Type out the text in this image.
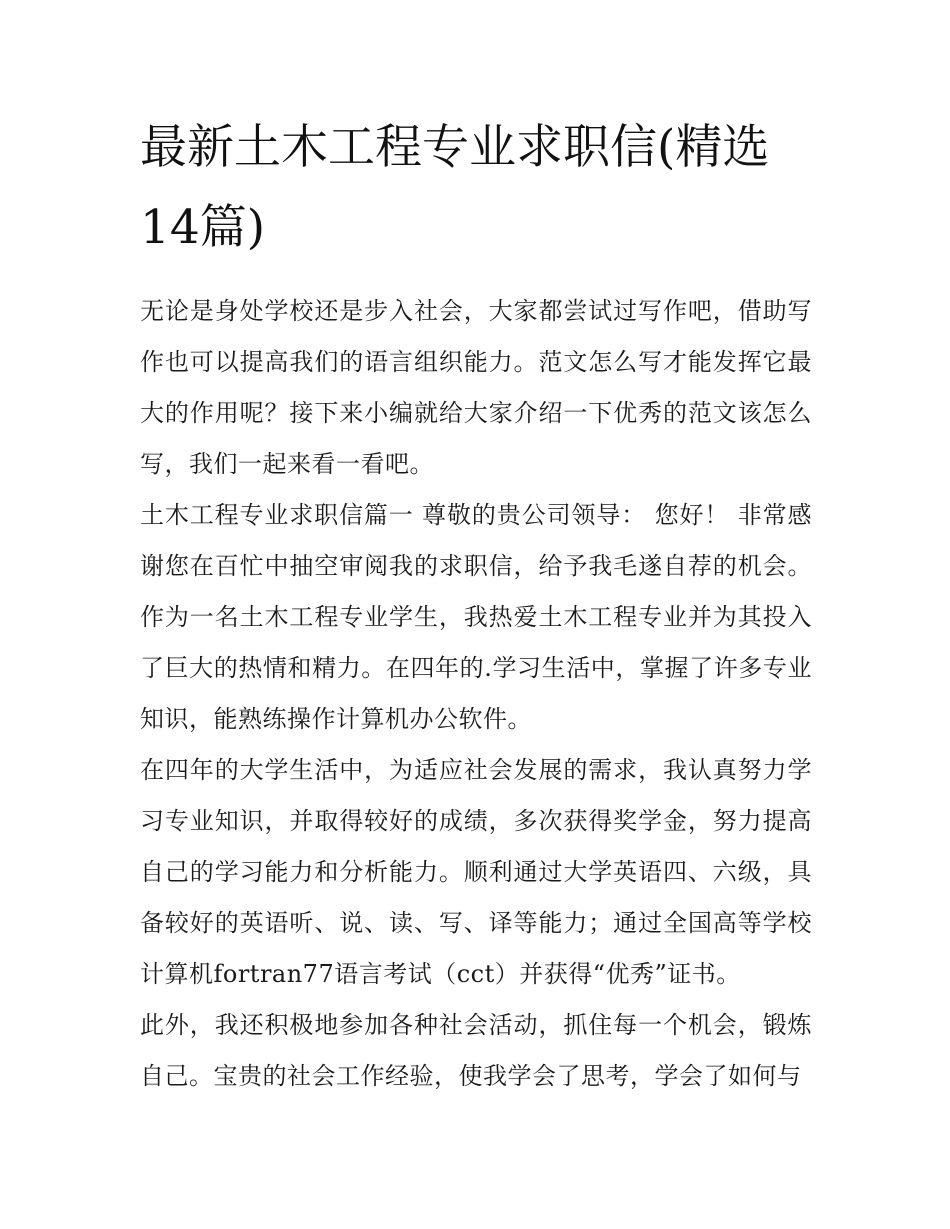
最新土木工程专业求职信(精选14篇)

无论是身处学校还是步入社会，大家都尝试过写作吧，借助写作也可以提高我们的语言组织能力。范文怎么写才能发挥它最大的作用呢？接下来小编就给大家介绍一下优秀的范文该怎么写，我们一起来看一看吧。

土木工程专业求职信篇一 尊敬的贵公司领导： 您好！ 非常感谢您在百忙中抽空审阅我的求职信，给予我毛遂自荐的机会。作为一名土木工程专业学生，我热爱土木工程专业并为其投入了巨大的热情和精力。在四年的.学习生活中，掌握了许多专业知识，能熟练操作计算机办公软件。

在四年的大学生活中，为适应社会发展的需求，我认真努力学习专业知识，并取得较好的成绩，多次获得奖学金，努力提高自己的学习能力和分析能力。顺利通过大学英语四、六级，具备较好的英语听、说、读、写、译等能力；通过全国高等学校计算机fortran77语言考试（cct）并获得“优秀”证书。

此外，我还积极地参加各种社会活动，抓住每一个机会，锻炼自己。宝贵的社会工作经验，使我学会了思考，学会了如何与
